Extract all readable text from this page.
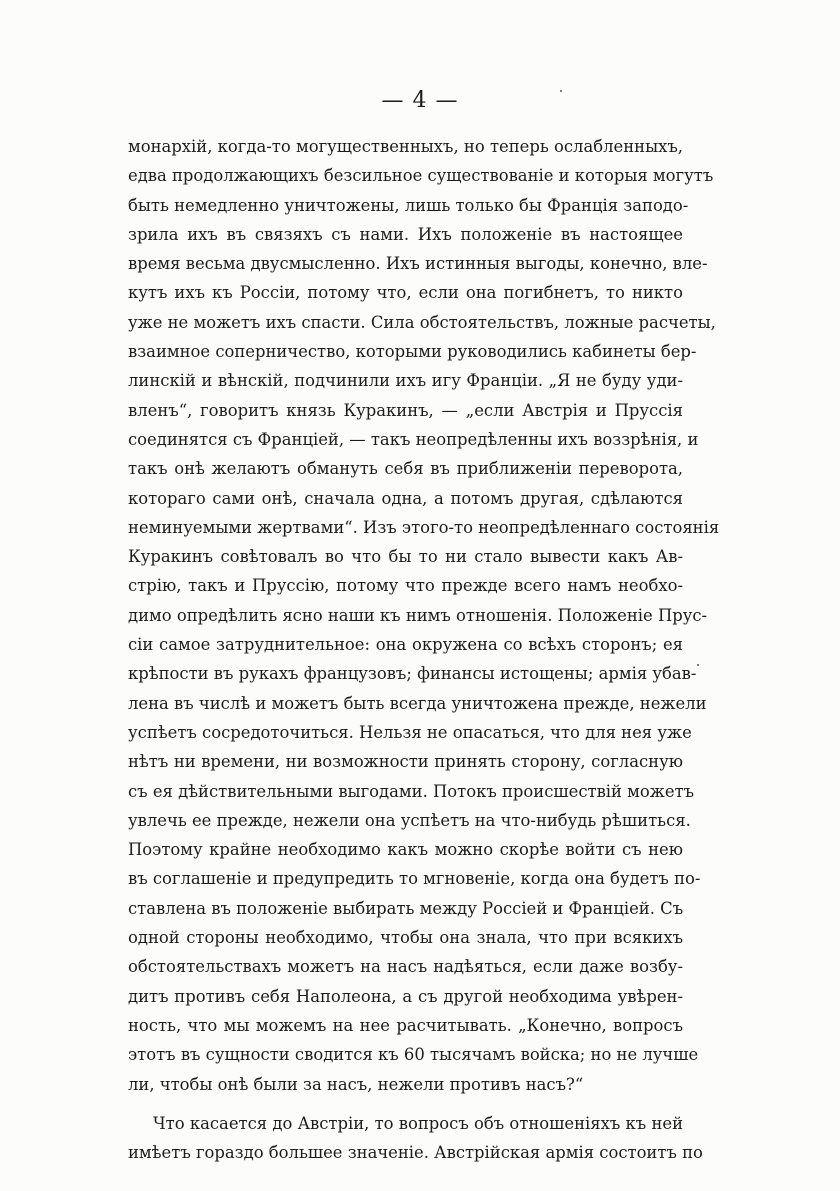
— 4 —
монархій, когда-то могущественныхъ, но теперь ослабленныхъ,
едва продолжающихъ безсильное существованіе и которыя могутъ
быть немедленно уничтожены, лишь только бы Франція заподо-
зрила ихъ въ связяхъ съ нами. Ихъ положеніе въ настоящее
время весьма двусмысленно. Ихъ истинныя выгоды, конечно, вле-
кутъ ихъ къ Россіи, потому что, если она погибнетъ, то никто
уже не можетъ ихъ спасти. Сила обстоятельствъ, ложные расчеты,
взаимное соперничество, которыми руководились кабинеты бер-
линскій и вѣнскій, подчинили ихъ игу Франціи. „Я не буду уди-
вленъ“, говоритъ князь Куракинъ, — „если Австрія и Пруссія
соединятся съ Франціей, — такъ неопредѣленны ихъ воззрѣнія, и
такъ онѣ желаютъ обмануть себя въ приближеніи переворота,
котораго сами онѣ, сначала одна, а потомъ другая, сдѣлаются
неминуемыми жертвами“. Изъ этого-то неопредѣленнаго состоянія
Куракинъ совѣтовалъ во что бы то ни стало вывести какъ Ав-
стрію, такъ и Пруссію, потому что прежде всего намъ необхо-
димо опредѣлить ясно наши къ нимъ отношенія. Положеніе Прус-
сіи самое затруднительное: она окружена со всѣхъ сторонъ; ея
крѣпости въ рукахъ французовъ; финансы истощены; армія убав-
лена въ числѣ и можетъ быть всегда уничтожена прежде, нежели
успѣетъ сосредоточиться. Нельзя не опасаться, что для нея уже
нѣтъ ни времени, ни возможности принять сторону, согласную
съ ея дѣйствительными выгодами. Потокъ происшествій можетъ
увлечь ее прежде, нежели она успѣетъ на что-нибудь рѣшиться.
Поэтому крайне необходимо какъ можно скорѣе войти съ нею
въ соглашеніе и предупредить то мгновеніе, когда она будетъ по-
ставлена въ положеніе выбирать между Россіей и Франціей. Съ
одной стороны необходимо, чтобы она знала, что при всякихъ
обстоятельствахъ можетъ на насъ надѣяться, если даже возбу-
дитъ противъ себя Наполеона, а съ другой необходима увѣрен-
ность, что мы можемъ на нее расчитывать. „Конечно, вопросъ
этотъ въ сущности сводится къ 60 тысячамъ войска; но не лучше
ли, чтобы онѣ были за насъ, нежели противъ насъ?“
Что касается до Австріи, то вопросъ объ отношеніяхъ къ ней
имѣетъ гораздо большее значеніе. Австрійская армія состоитъ по
